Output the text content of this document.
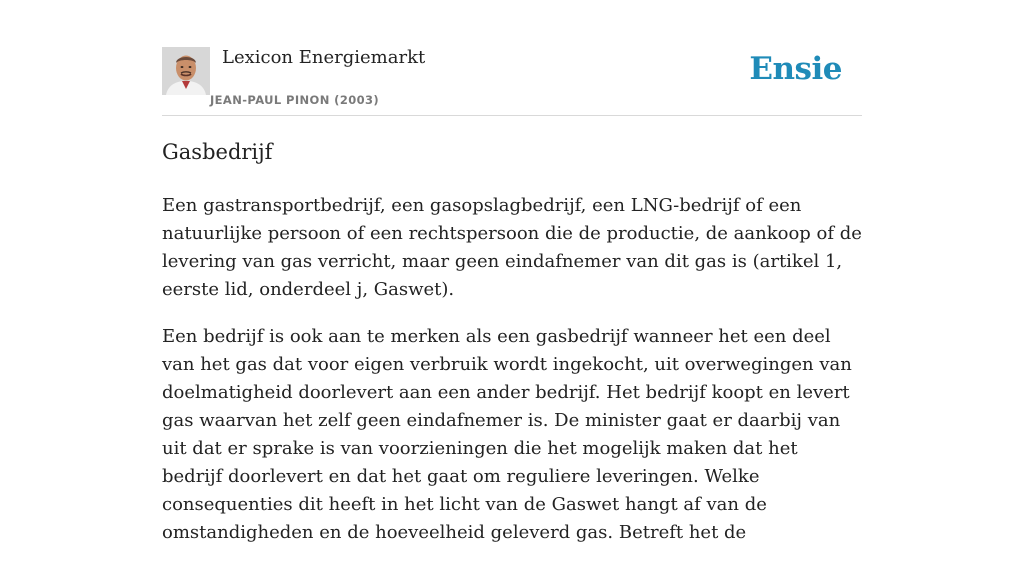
Lexicon Energiemarkt
JEAN-PAUL PINON (2003)
Ensie
Gasbedrijf

Een gastransportbedrijf, een gasopslagbedrijf, een LNG-bedrijf of een natuurlijke persoon of een rechtspersoon die de productie, de aankoop of de levering van gas verricht, maar geen eindafnemer van dit gas is (artikel 1, eerste lid, onderdeel j, Gaswet).

Een bedrijf is ook aan te merken als een gasbedrijf wanneer het een deel van het gas dat voor eigen verbruik wordt ingekocht, uit overwegingen van doelmatigheid doorlevert aan een ander bedrijf. Het bedrijf koopt en levert gas waarvan het zelf geen eindafnemer is. De minister gaat er daarbij van uit dat er sprake is van voorzieningen die het mogelijk maken dat het bedrijf doorlevert en dat het gaat om reguliere leveringen. Welke consequenties dit heeft in het licht van de Gaswet hangt af van de omstandigheden en de hoeveelheid geleverd gas. Betreft het de
